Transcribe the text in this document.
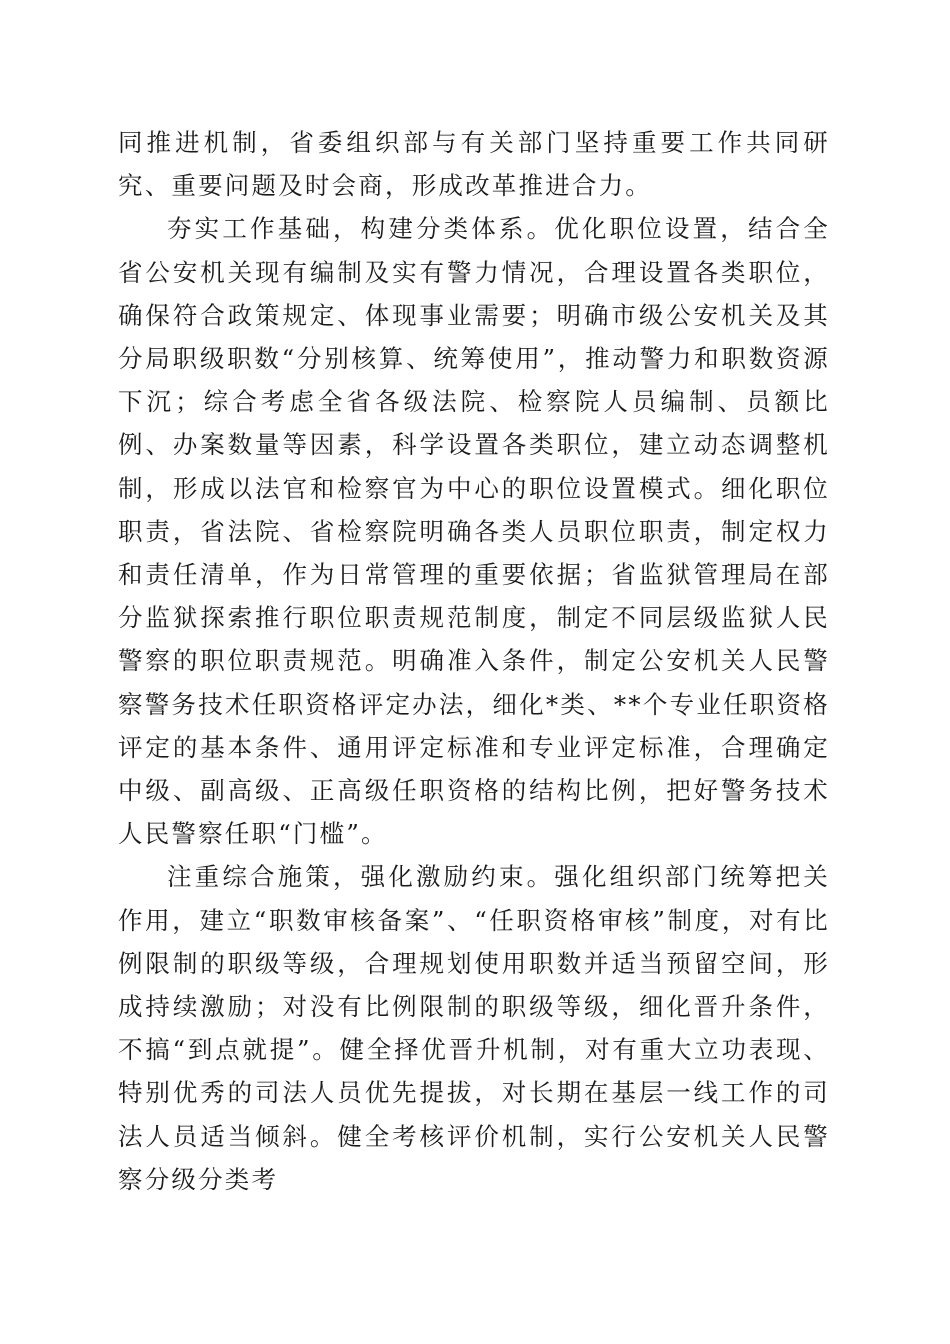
同推进机制，省委组织部与有关部门坚持重要工作共同研究、重要问题及时会商，形成改革推进合力。

夯实工作基础，构建分类体系。优化职位设置，结合全省公安机关现有编制及实有警力情况，合理设置各类职位，确保符合政策规定、体现事业需要；明确市级公安机关及其分局职级职数“分别核算、统筹使用”，推动警力和职数资源下沉；综合考虑全省各级法院、检察院人员编制、员额比例、办案数量等因素，科学设置各类职位，建立动态调整机制，形成以法官和检察官为中心的职位设置模式。细化职位职责，省法院、省检察院明确各类人员职位职责，制定权力和责任清单，作为日常管理的重要依据；省监狱管理局在部分监狱探索推行职位职责规范制度，制定不同层级监狱人民警察的职位职责规范。明确准入条件，制定公安机关人民警察警务技术任职资格评定办法，细化*类、**个专业任职资格评定的基本条件、通用评定标准和专业评定标准，合理确定中级、副高级、正高级任职资格的结构比例，把好警务技术人民警察任职“门槛”。

注重综合施策，强化激励约束。强化组织部门统筹把关作用，建立“职数审核备案”、“任职资格审核”制度，对有比例限制的职级等级，合理规划使用职数并适当预留空间，形成持续激励；对没有比例限制的职级等级，细化晋升条件，不搞“到点就提”。健全择优晋升机制，对有重大立功表现、特别优秀的司法人员优先提拔，对长期在基层一线工作的司法人员适当倾斜。健全考核评价机制，实行公安机关人民警察分级分类考
